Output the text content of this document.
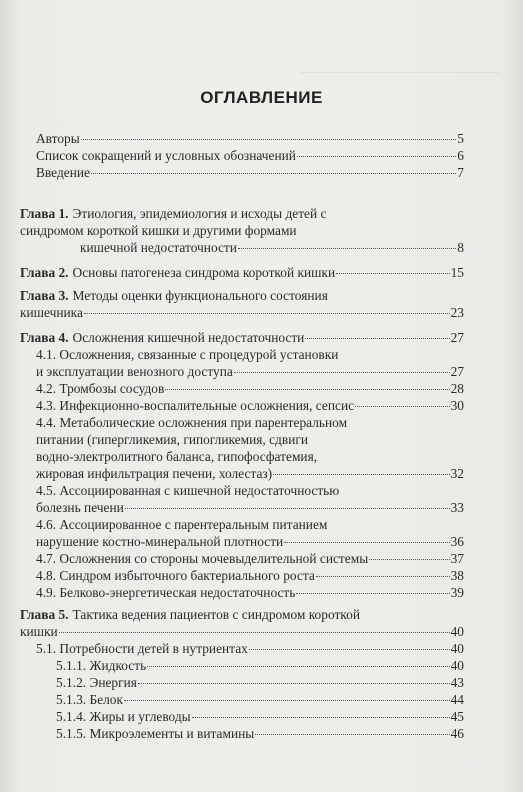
ОГЛАВЛЕНИЕ
Авторы	5
Список сокращений и условных обозначений	6
Введение	7
Глава 1. Этиология, эпидемиология и исходы детей с
синдромом короткой кишки и другими формами
кишечной недостаточности	8
Глава 2. Основы патогенеза синдрома короткой кишки	15
Глава 3. Методы оценки функционального состояния
кишечника	23
Глава 4. Осложнения кишечной недостаточности	27
4.1. Осложнения, связанные с процедурой установки
и эксплуатации венозного доступа	27
4.2. Тромбозы сосудов	28
4.3. Инфекционно-воспалительные осложнения, сепсис	30
4.4. Метаболические осложнения при парентеральном
питании (гипергликемия, гипогликемия, сдвиги
водно-электролитного баланса, гипофосфатемия,
жировая инфильтрация печени, холестаз)	32
4.5. Ассоциированная с кишечной недостаточностью
болезнь печени	33
4.6. Ассоциированное с парентеральным питанием
нарушение костно-минеральной плотности	36
4.7. Осложнения со стороны мочевыделительной системы	37
4.8. Синдром избыточного бактериального роста	38
4.9. Белково-энергетическая недостаточность	39
Глава 5. Тактика ведения пациентов с синдромом короткой
кишки	40
5.1. Потребности детей в нутриентах	40
5.1.1. Жидкость	40
5.1.2. Энергия	43
5.1.3. Белок	44
5.1.4. Жиры и углеводы	45
5.1.5. Микроэлементы и витамины	46
